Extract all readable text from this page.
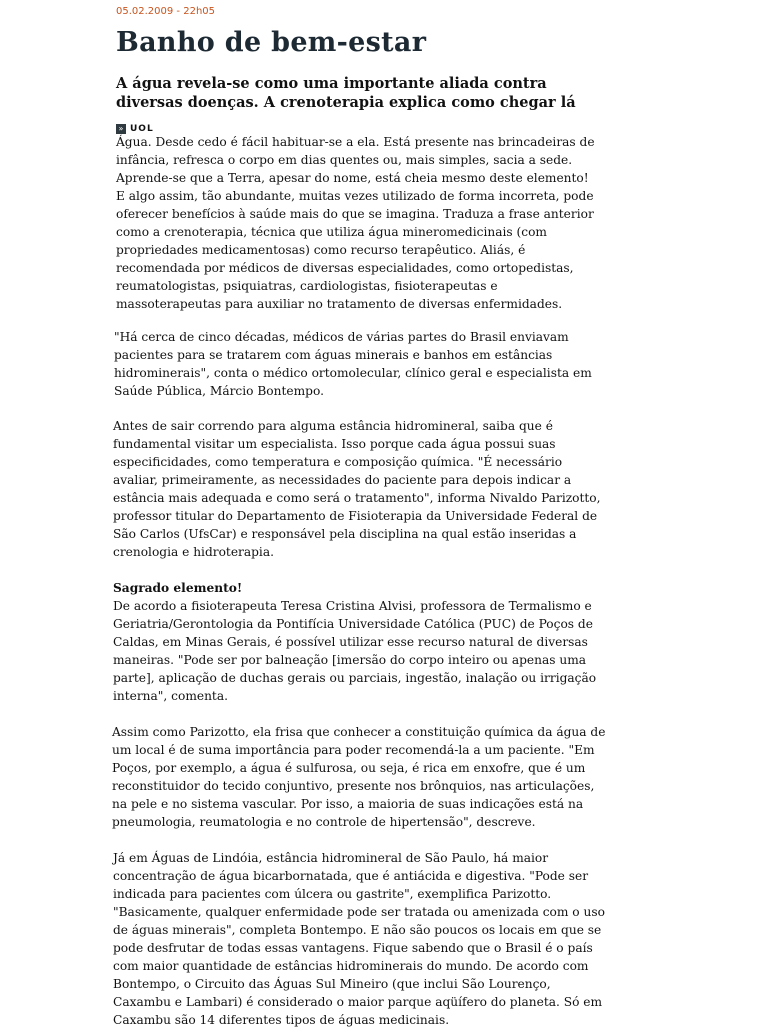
05.02.2009 - 22h05
Banho de bem-estar
A água revela-se como uma importante aliada contra diversas doenças. A crenoterapia explica como chegar lá
» UOL

Água. Desde cedo é fácil habituar-se a ela. Está presente nas brincadeiras de infância, refresca o corpo em dias quentes ou, mais simples, sacia a sede. Aprende-se que a Terra, apesar do nome, está cheia mesmo deste elemento! E algo assim, tão abundante, muitas vezes utilizado de forma incorreta, pode oferecer benefícios à saúde mais do que se imagina. Traduza a frase anterior como a crenoterapia, técnica que utiliza água mineromedicinais (com propriedades medicamentosas) como recurso terapêutico. Aliás, é recomendada por médicos de diversas especialidades, como ortopedistas, reumatologistas, psiquiatras, cardiologistas, fisioterapeutas e massoterapeutas para auxiliar no tratamento de diversas enfermidades.

"Há cerca de cinco décadas, médicos de várias partes do Brasil enviavam pacientes para se tratarem com águas minerais e banhos em estâncias hidrominerais", conta o médico ortomolecular, clínico geral e especialista em Saúde Pública, Márcio Bontempo.

Antes de sair correndo para alguma estância hidromineral, saiba que é fundamental visitar um especialista. Isso porque cada água possui suas especificidades, como temperatura e composição química. "É necessário avaliar, primeiramente, as necessidades do paciente para depois indicar a estância mais adequada e como será o tratamento", informa Nivaldo Parizotto, professor titular do Departamento de Fisioterapia da Universidade Federal de São Carlos (UfsCar) e responsável pela disciplina na qual estão inseridas a crenologia e hidroterapia.

Sagrado elemento!
De acordo a fisioterapeuta Teresa Cristina Alvisi, professora de Termalismo e Geriatria/Gerontologia da Pontifícia Universidade Católica (PUC) de Poços de Caldas, em Minas Gerais, é possível utilizar esse recurso natural de diversas maneiras. "Pode ser por balneação [imersão do corpo inteiro ou apenas uma parte], aplicação de duchas gerais ou parciais, ingestão, inalação ou irrigação interna", comenta.

Assim como Parizotto, ela frisa que conhecer a constituição química da água de um local é de suma importância para poder recomendá-la a um paciente. "Em Poços, por exemplo, a água é sulfurosa, ou seja, é rica em enxofre, que é um reconstituidor do tecido conjuntivo, presente nos brônquios, nas articulações, na pele e no sistema vascular. Por isso, a maioria de suas indicações está na pneumologia, reumatologia e no controle de hipertensão", descreve.

Já em Águas de Lindóia, estância hidromineral de São Paulo, há maior concentração de água bicarbornatada, que é antiácida e digestiva. "Pode ser indicada para pacientes com úlcera ou gastrite", exemplifica Parizotto. "Basicamente, qualquer enfermidade pode ser tratada ou amenizada com o uso de águas minerais", completa Bontempo. E não são poucos os locais em que se pode desfrutar de todas essas vantagens. Fique sabendo que o Brasil é o país com maior quantidade de estâncias hidrominerais do mundo. De acordo com Bontempo, o Circuito das Águas Sul Mineiro (que inclui São Lourenço, Caxambu e Lambari) é considerado o maior parque aqüífero do planeta. Só em Caxambu são 14 diferentes tipos de águas medicinais.
